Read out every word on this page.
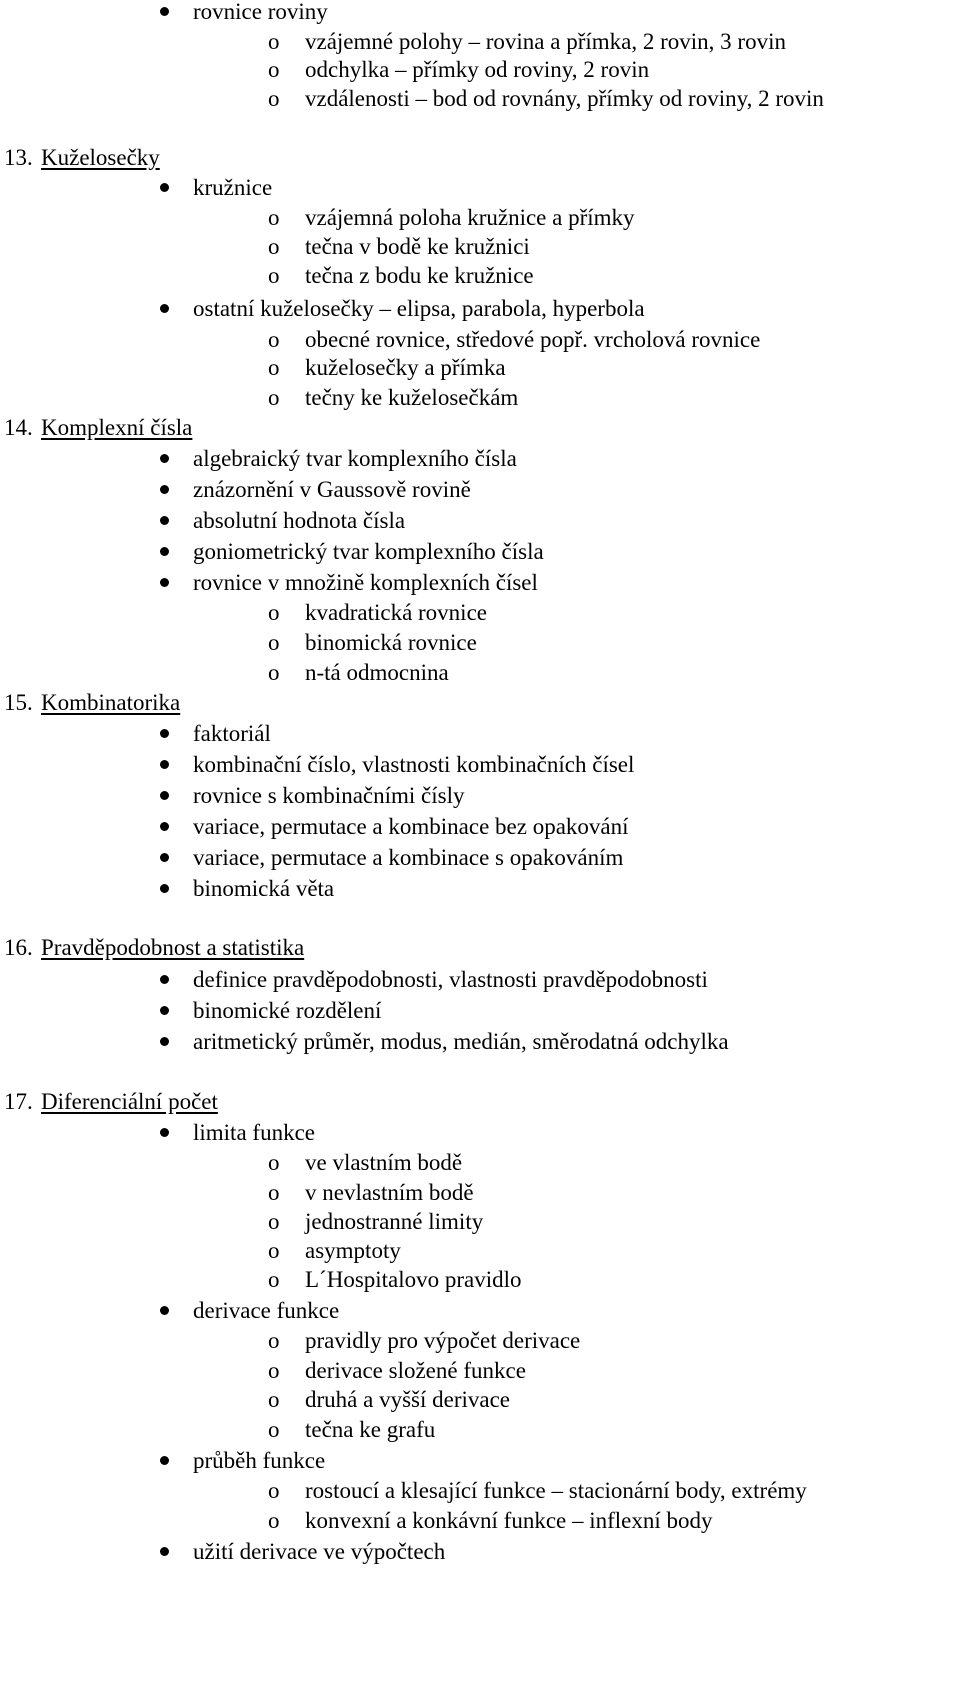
rovnice roviny
o vzájemné polohy – rovina a přímka, 2 rovin, 3 rovin
o odchylka – přímky od roviny, 2 rovin
o vzdálenosti – bod od rovnány, přímky od roviny, 2 rovin
13. Kuželosečky
kružnice
o vzájemná poloha kružnice a přímky
o tečna v bodě ke kružnici
o tečna z bodu ke kružnice
ostatní kuželosečky – elipsa, parabola, hyperbola
o obecné rovnice, středové popř. vrcholová rovnice
o kuželosečky a přímka
o tečny ke kuželosečkám
14. Komplexní čísla
algebraický tvar komplexního čísla
znázornění v Gaussově rovině
absolutní hodnota čísla
goniometrický tvar komplexního čísla
rovnice v množině komplexních čísel
o kvadratická rovnice
o binomická rovnice
o n-tá odmocnina
15. Kombinatorika
faktoriál
kombinační číslo, vlastnosti kombinačních čísel
rovnice s kombinačními čísly
variace, permutace a kombinace bez opakování
variace, permutace a kombinace s opakováním
binomická věta
16. Pravděpodobnost a statistika
definice pravděpodobnosti, vlastnosti pravděpodobnosti
binomické rozdělení
aritmetický průměr, modus, medián, směrodatná odchylka
17. Diferenciální počet
limita funkce
o ve vlastním bodě
o v nevlastním bodě
o jednostranné limity
o asymptoty
o L´Hospitalovo pravidlo
derivace funkce
o pravidly pro výpočet derivace
o derivace složené funkce
o druhá a vyšší derivace
o tečna ke grafu
průběh funkce
o rostoucí a klesající funkce – stacionární body, extrémy
o konvexní a konkávní funkce – inflexní body
užití derivace ve výpočtech
